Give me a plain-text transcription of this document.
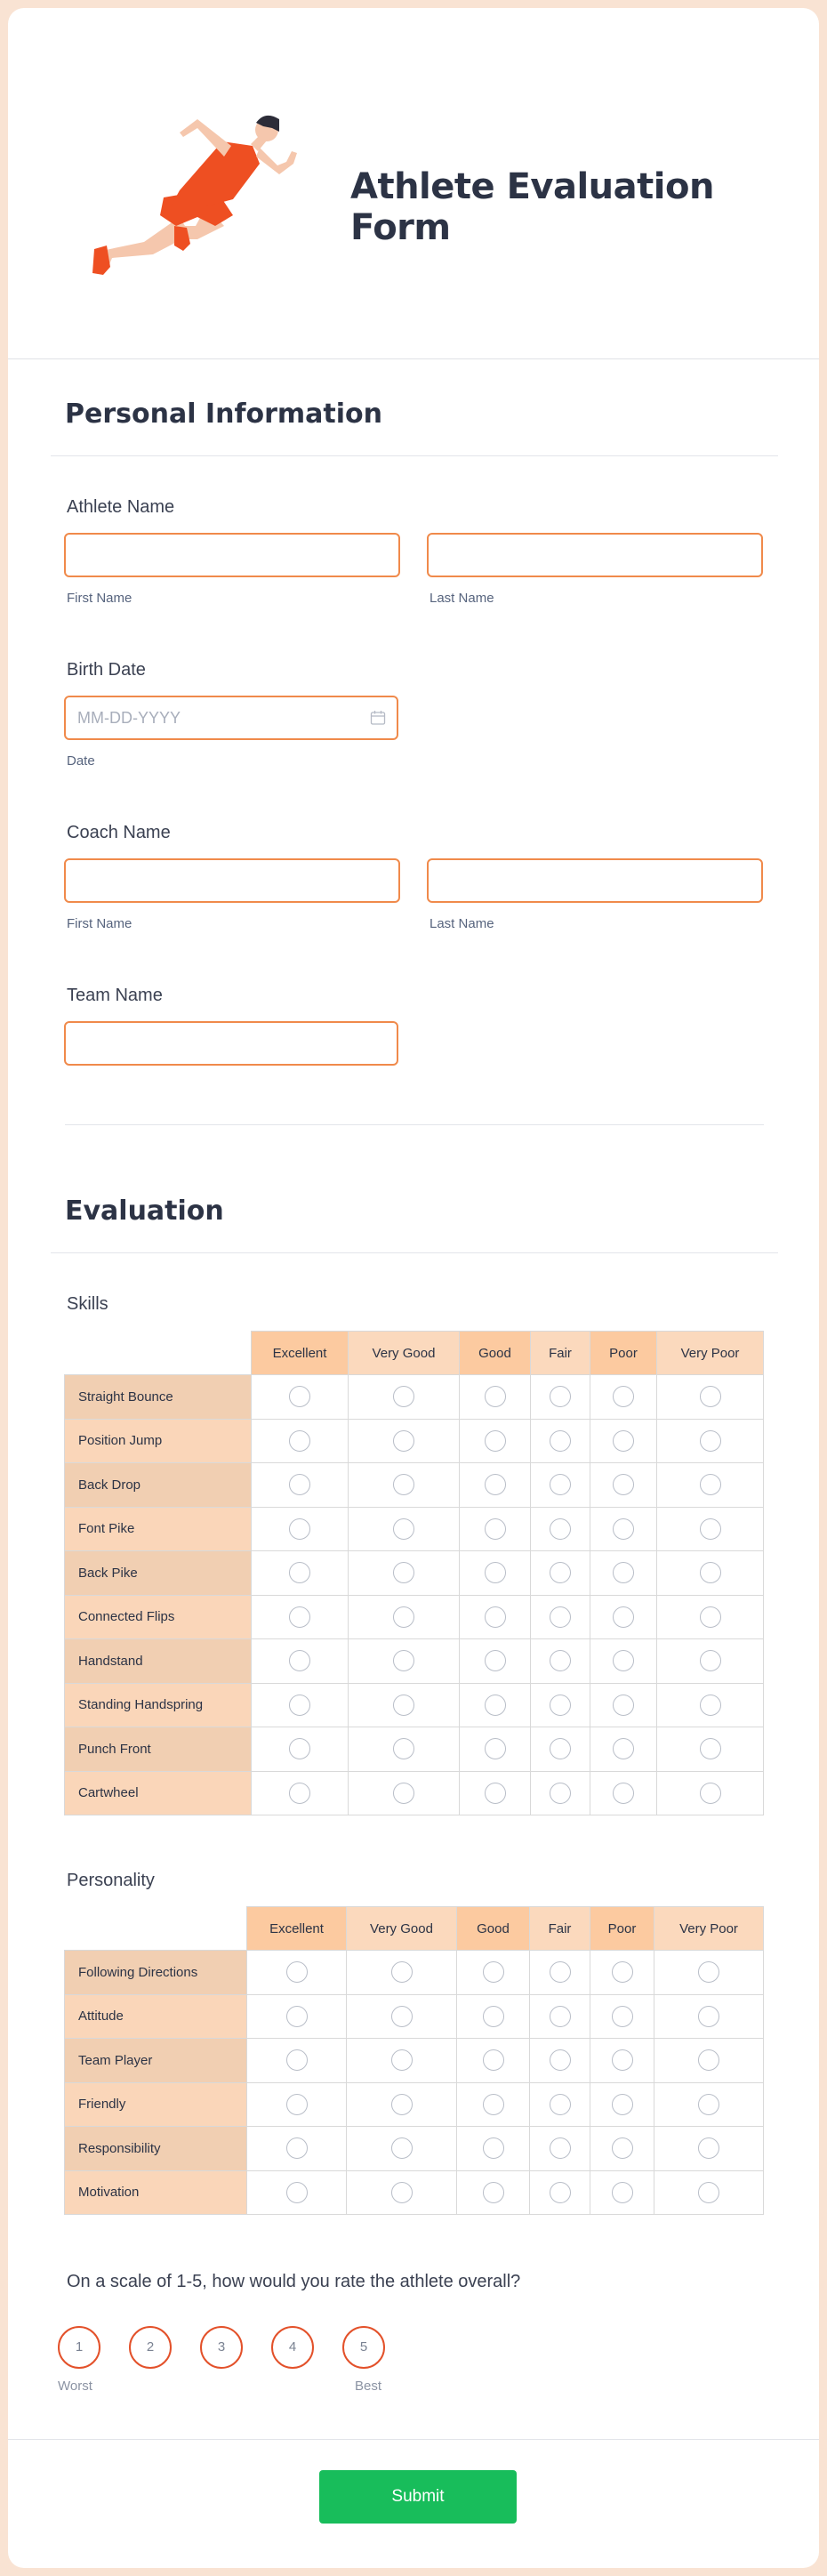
Athlete Evaluation Form
Personal Information
Athlete Name
First Name	Last Name
Birth Date
MM-DD-YYYY
Date
Coach Name
First Name	Last Name
Team Name
Evaluation
Skills
	Excellent	Very Good	Good	Fair	Poor	Very Poor
Straight Bounce						
Position Jump						
Back Drop						
Font Pike						
Back Pike						
Connected Flips						
Handstand						
Standing Handspring						
Punch Front						
Cartwheel						
Personality
	Excellent	Very Good	Good	Fair	Poor	Very Poor
Following Directions						
Attitude						
Team Player						
Friendly						
Responsibility						
Motivation						
On a scale of 1-5, how would you rate the athlete overall?
1	2	3	4	5
Worst	Best
Submit
